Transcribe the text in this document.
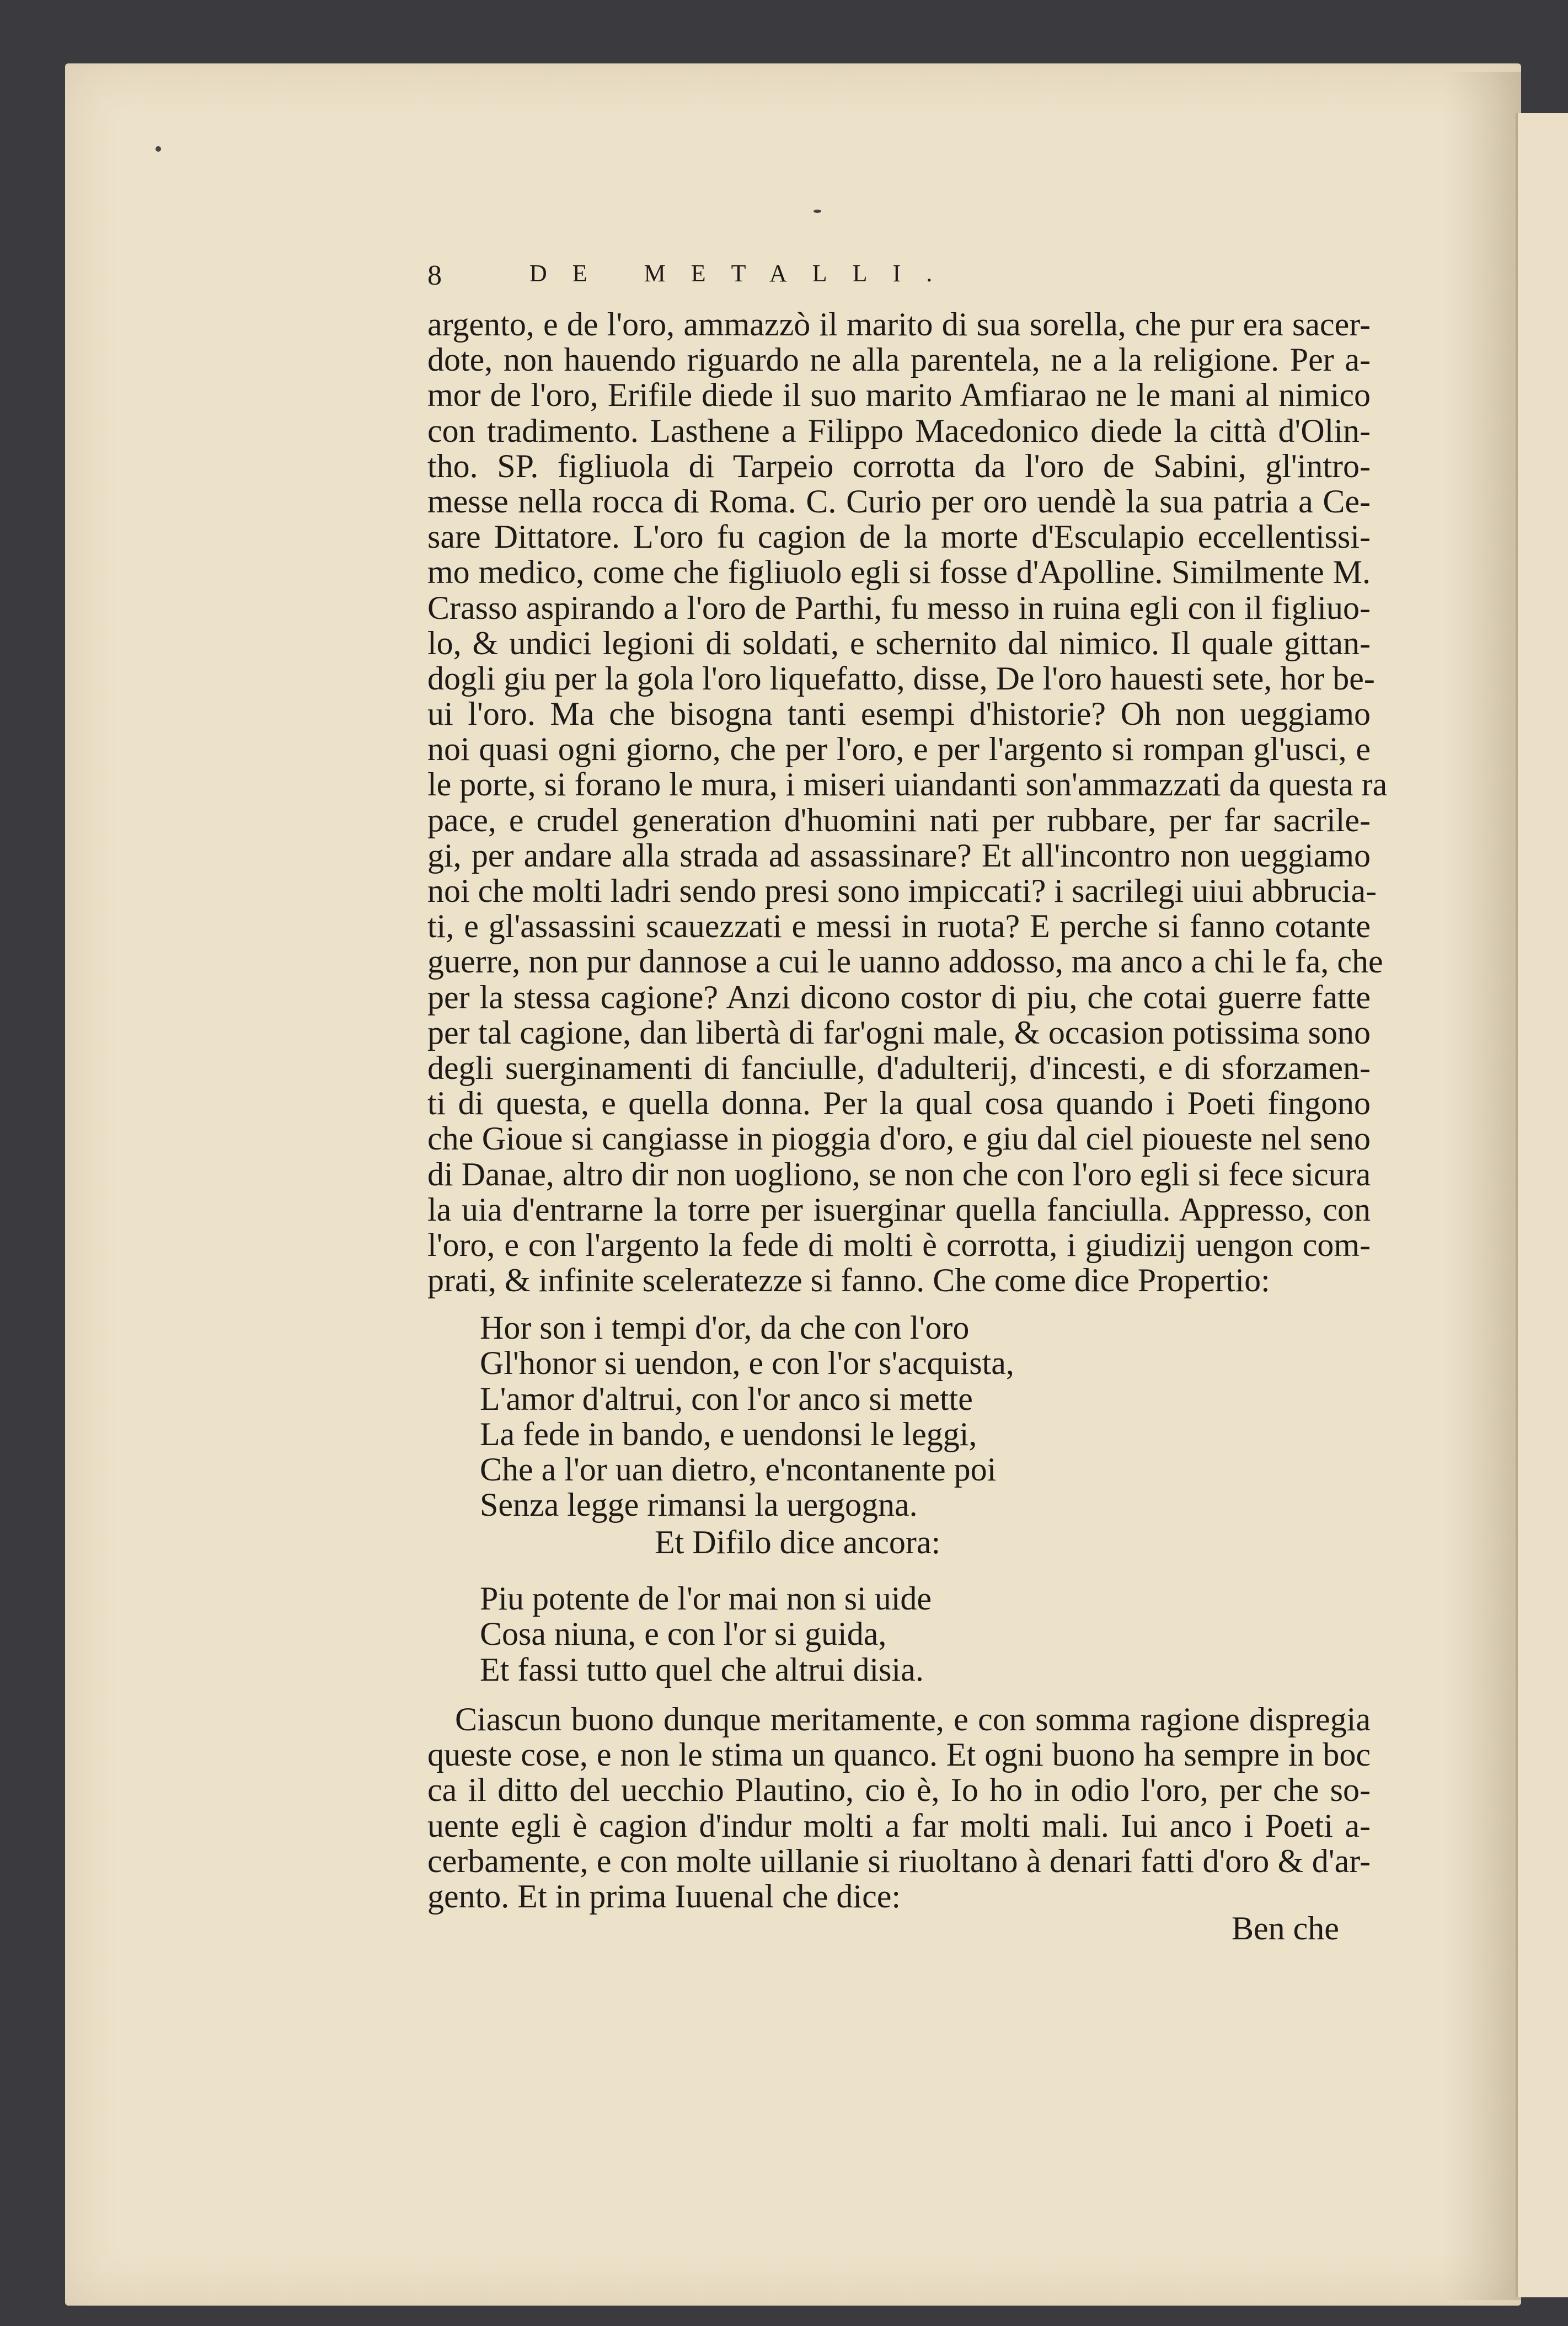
8	DE METALLI.
argento, e de l'oro, ammazzò il marito di sua sorella, che pur era sacer-
dote, non hauendo riguardo ne alla parentela, ne a la religione. Per a-
mor de l'oro, Erifile diede il suo marito Amfiarao ne le mani al nimico
con tradimento. Lasthene a Filippo Macedonico diede la città d'Olin-
tho. SP. figliuola di Tarpeio corrotta da l'oro de Sabini, gl'intro-
messe nella rocca di Roma. C. Curio per oro uendè la sua patria a Ce-
sare Dittatore. L'oro fu cagion de la morte d'Esculapio eccellentissi-
mo medico, come che figliuolo egli si fosse d'Apolline. Similmente M.
Crasso aspirando a l'oro de Parthi, fu messo in ruina egli con il figliuo-
lo, & undici legioni di soldati, e schernito dal nimico. Il quale gittan-
dogli giu per la gola l'oro liquefatto, disse, De l'oro hauesti sete, hor be-
ui l'oro. Ma che bisogna tanti esempi d'historie? Oh non ueggiamo
noi quasi ogni giorno, che per l'oro, e per l'argento si rompan gl'usci, e
le porte, si forano le mura, i miseri uiandanti son'ammazzati da questa ra
pace, e crudel generation d'huomini nati per rubbare, per far sacrile-
gi, per andare alla strada ad assassinare? Et all'incontro non ueggiamo
noi che molti ladri sendo presi sono impiccati? i sacrilegi uiui abbrucia-
ti, e gl'assassini scauezzati e messi in ruota? E perche si fanno cotante
guerre, non pur dannose a cui le uanno addosso, ma anco a chi le fa, che
per la stessa cagione? Anzi dicono costor di piu, che cotai guerre fatte
per tal cagione, dan libertà di far'ogni male, & occasion potissima sono
degli suerginamenti di fanciulle, d'adulterij, d'incesti, e di sforzamen-
ti di questa, e quella donna. Per la qual cosa quando i Poeti fingono
che Gioue si cangiasse in pioggia d'oro, e giu dal ciel pioueste nel seno
di Danae, altro dir non uogliono, se non che con l'oro egli si fece sicura
la uia d'entrarne la torre per isuerginar quella fanciulla. Appresso, con
l'oro, e con l'argento la fede di molti è corrotta, i giudizij uengon com-
prati, & infinite sceleratezze si fanno. Che come dice Propertio:
Hor son i tempi d'or, da che con l'oro
Gl'honor si uendon, e con l'or s'acquista,
L'amor d'altrui, con l'or anco si mette
La fede in bando, e uendonsi le leggi,
Che a l'or uan dietro, e'ncontanente poi
Senza legge rimansi la uergogna.
Et Difilo dice ancora:
Piu potente de l'or mai non si uide
Cosa niuna, e con l'or si guida,
Et fassi tutto quel che altrui disia.
Ciascun buono dunque meritamente, e con somma ragione dispregia
queste cose, e non le stima un quanco. Et ogni buono ha sempre in boc
ca il ditto del uecchio Plautino, cio è, Io ho in odio l'oro, per che so-
uente egli è cagion d'indur molti a far molti mali. Iui anco i Poeti a-
cerbamente, e con molte uillanie si riuoltano à denari fatti d'oro & d'ar-
gento. Et in prima Iuuenal che dice:
Ben che
